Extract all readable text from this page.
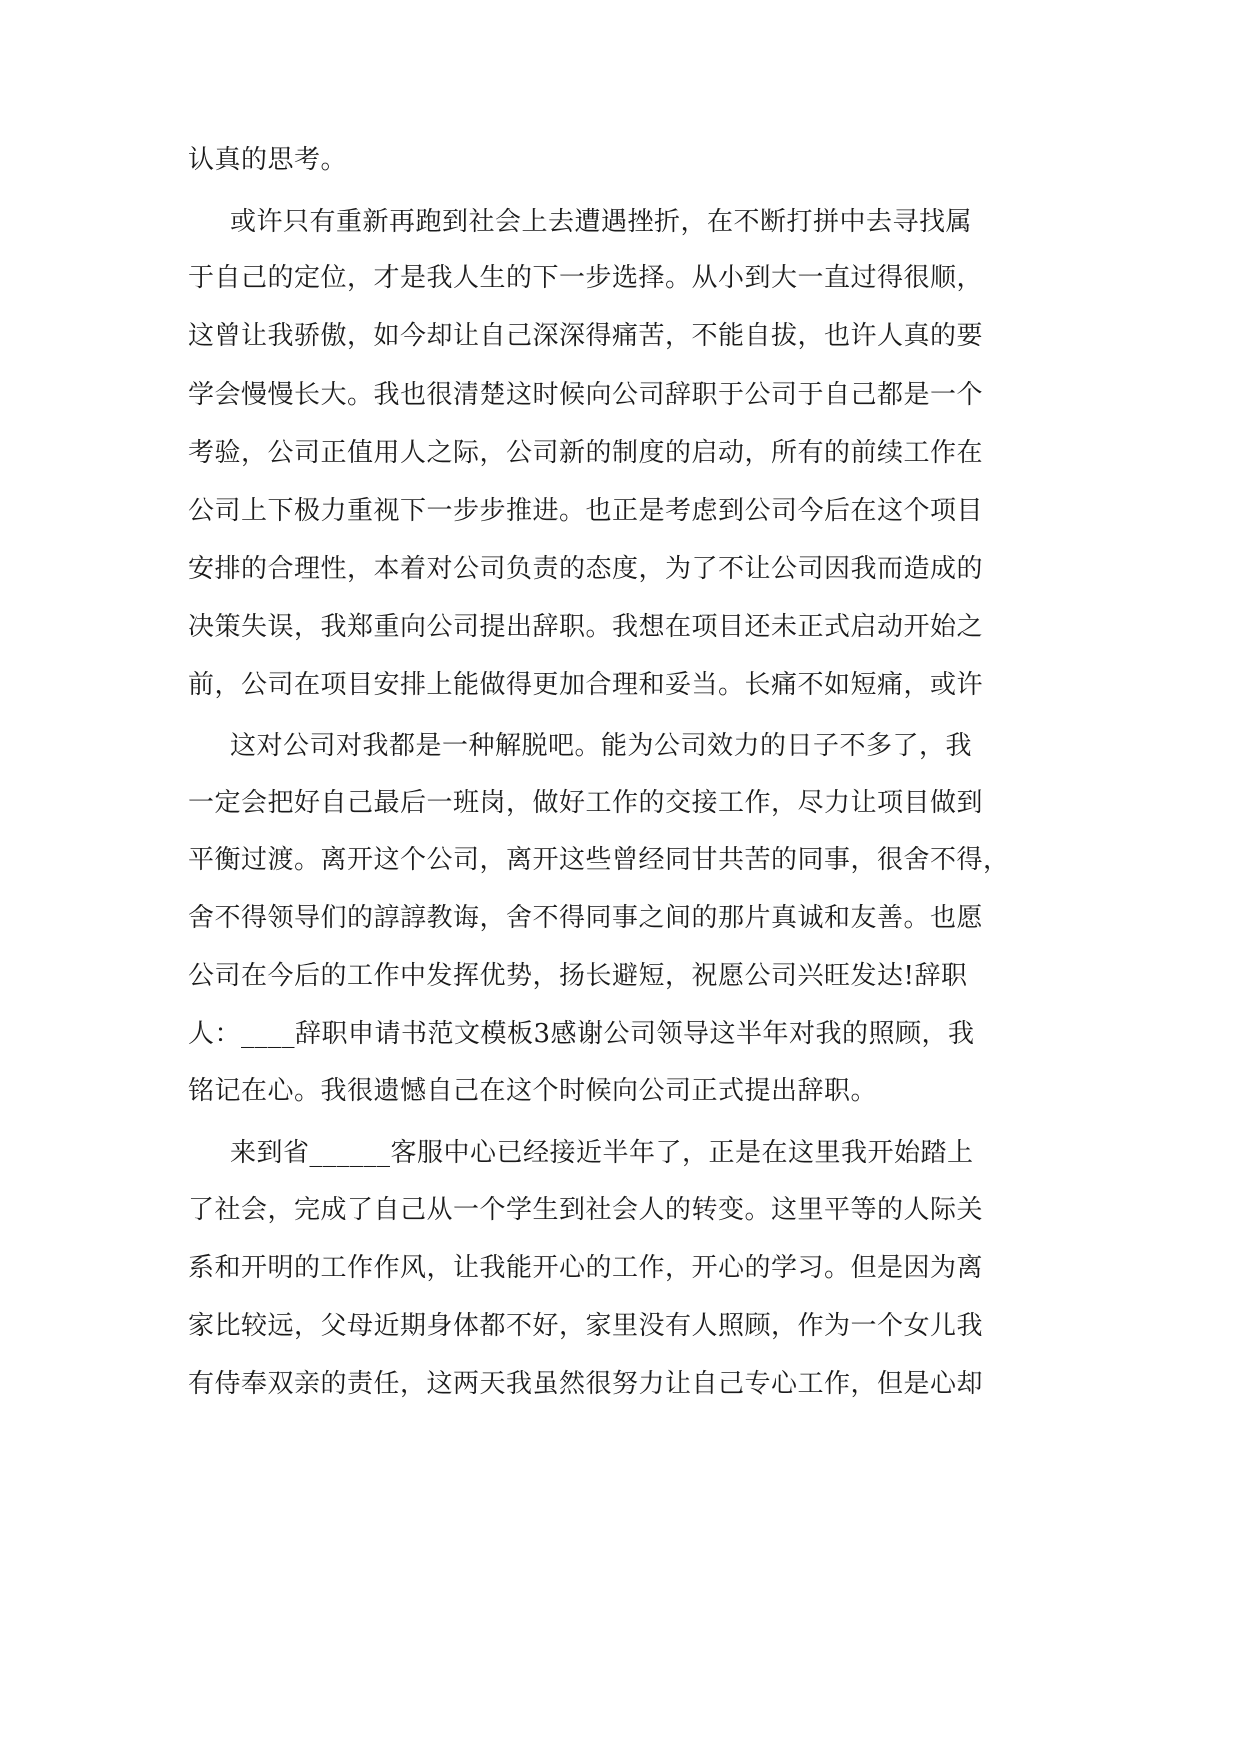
认真的思考。
或许只有重新再跑到社会上去遭遇挫折，在不断打拼中去寻找属
于自己的定位，才是我人生的下一步选择。从小到大一直过得很顺，
这曾让我骄傲，如今却让自己深深得痛苦，不能自拔，也许人真的要
学会慢慢长大。我也很清楚这时候向公司辞职于公司于自己都是一个
考验，公司正值用人之际，公司新的制度的启动，所有的前续工作在
公司上下极力重视下一步步推进。也正是考虑到公司今后在这个项目
安排的合理性，本着对公司负责的态度，为了不让公司因我而造成的
决策失误，我郑重向公司提出辞职。我想在项目还未正式启动开始之
前，公司在项目安排上能做得更加合理和妥当。长痛不如短痛，或许
这对公司对我都是一种解脱吧。能为公司效力的日子不多了，我
一定会把好自己最后一班岗，做好工作的交接工作，尽力让项目做到
平衡过渡。离开这个公司，离开这些曾经同甘共苦的同事，很舍不得，
舍不得领导们的諄諄教诲，舍不得同事之间的那片真诚和友善。也愿
公司在今后的工作中发挥优势，扬长避短，祝愿公司兴旺发达!辞职
人：____辞职申请书范文模板3感谢公司领导这半年对我的照顾，我
铭记在心。我很遗憾自己在这个时候向公司正式提出辞职。
来到省______客服中心已经接近半年了，正是在这里我开始踏上
了社会，完成了自己从一个学生到社会人的转变。这里平等的人际关
系和开明的工作作风，让我能开心的工作，开心的学习。但是因为离
家比较远，父母近期身体都不好，家里没有人照顾，作为一个女儿我
有侍奉双亲的责任，这两天我虽然很努力让自己专心工作，但是心却
